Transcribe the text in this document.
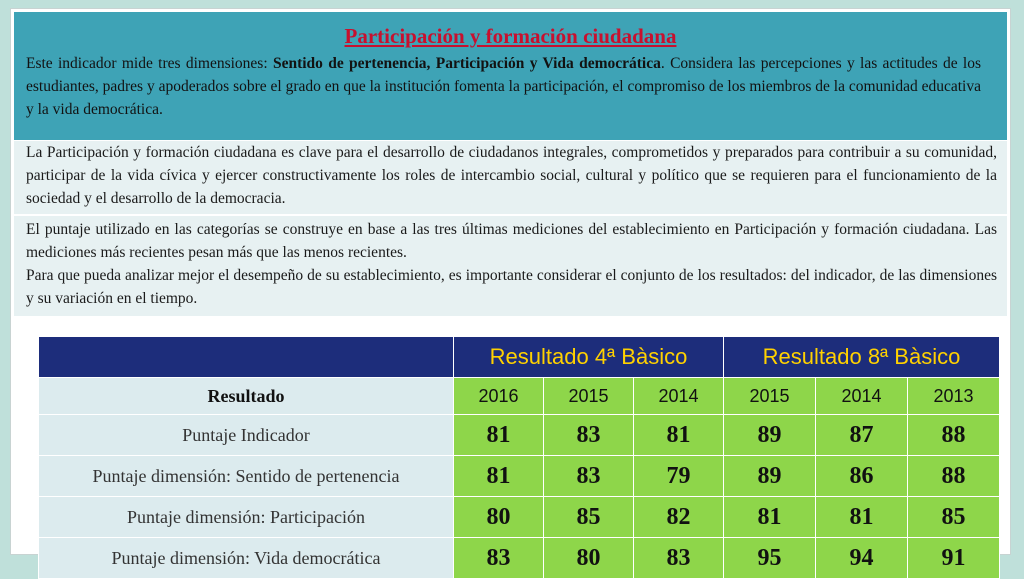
Participación y formación ciudadana
Este indicador mide tres dimensiones: Sentido de pertenencia, Participación y Vida democrática. Considera las percepciones y las actitudes de los estudiantes, padres y apoderados sobre el grado en que la institución fomenta la participación, el compromiso de los miembros de la comunidad educativa y la vida democrática.
La Participación y formación ciudadana es clave para el desarrollo de ciudadanos integrales, comprometidos y preparados para contribuir a su comunidad, participar de la vida cívica y ejercer constructivamente los roles de intercambio social, cultural y político que se requieren para el funcionamiento de la sociedad y el desarrollo de la democracia.

El puntaje utilizado en las categorías se construye en base a las tres últimas mediciones del establecimiento en Participación y formación ciudadana. Las mediciones más recientes pesan más que las menos recientes.

Para que pueda analizar mejor el desempeño de su establecimiento, es importante considerar el conjunto de los resultados: del indicador, de las dimensiones y su variación en el tiempo.

	Resultado 4ª Bàsico			Resultado 8ª Bàsico		
Resultado	2016	2015	2014	2015	2014	2013
Puntaje Indicador	81	83	81	89	87	88
Puntaje dimensión: Sentido de pertenencia	81	83	79	89	86	88
Puntaje dimensión: Participación	80	85	82	81	81	85
Puntaje dimensión: Vida democrática	83	80	83	95	94	91
